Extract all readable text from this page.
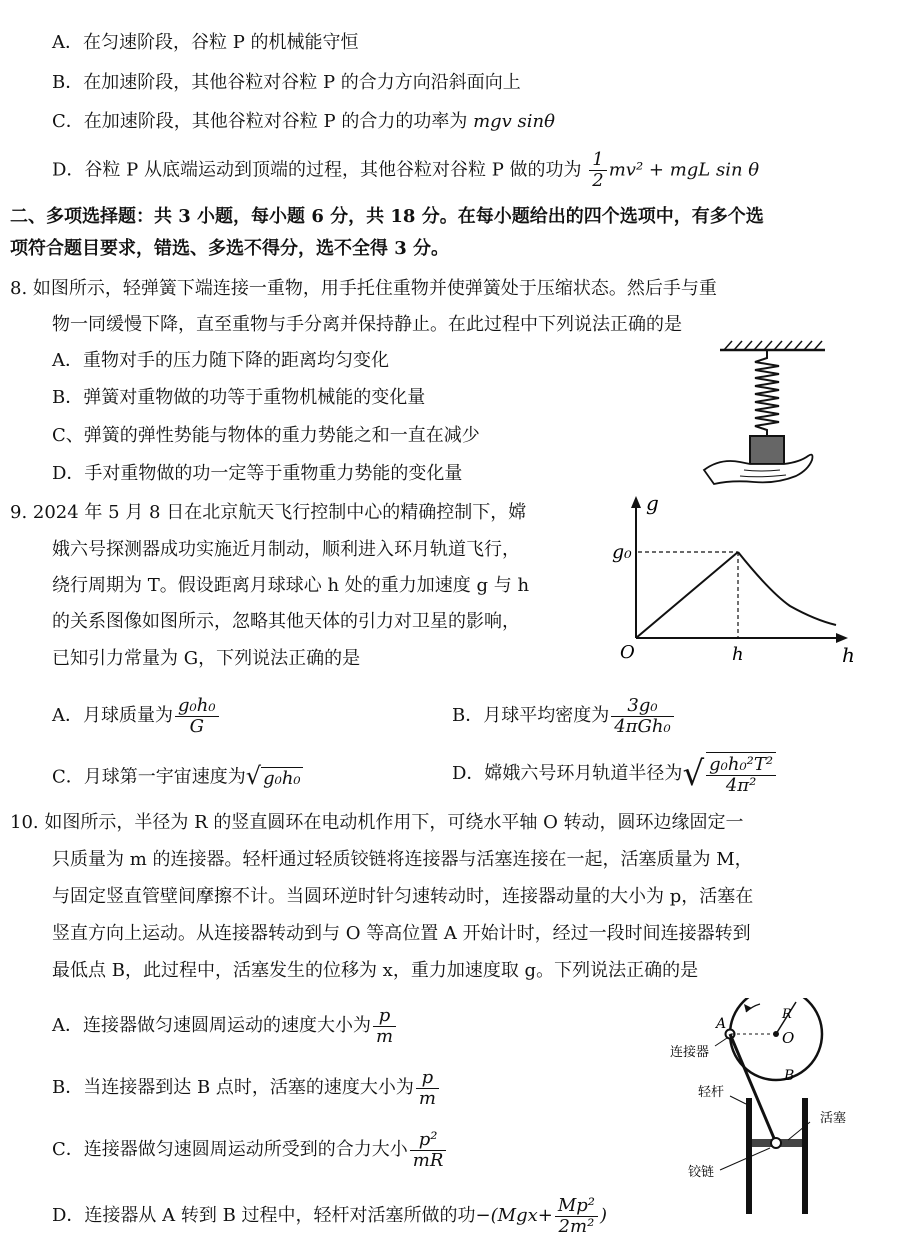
A．在匀速阶段，谷粒 P 的机械能守恒
B．在加速阶段，其他谷粒对谷粒 P 的合力方向沿斜面向上
C．在加速阶段，其他谷粒对谷粒 P 的合力的功率为 mgv sinθ
D．谷粒 P 从底端运动到顶端的过程，其他谷粒对谷粒 P 做的功为 $\frac{1}{2} mv^2$ + mgL sin θ
二、多项选择题：共 3 小题，每小题 6 分，共 18 分。在每小题给出的四个选项中，有多个选
项符合题目要求，错选、多选不得分，选不全得 3 分。
8. 如图所示，轻弹簧下端连接一重物，用手托住重物并使弹簧处于压缩状态。然后手与重
物一同缓慢下降，直至重物与手分离并保持静止。在此过程中下列说法正确的是
A．重物对手的压力随下降的距离均匀变化
B．弹簧对重物做的功等于重物机械能的变化量
C、弹簧的弹性势能与物体的重力势能之和一直在减少
D．手对重物做的功一定等于重物重力势能的变化量
9. 2024 年 5 月 8 日在北京航天飞行控制中心的精确控制下，嫦
娥六号探测器成功实施近月制动，顺利进入环月轨道飞行，
绕行周期为 T。假设距离月球球心 h 处的重力加速度 g 与 h
的关系图像如图所示，忽略其他天体的引力对卫星的影响，
已知引力常量为 G，下列说法正确的是
g
h
g₀
h
O
A．月球质量为 $\frac{\text{g₀h₀}}{G}$	B．月球平均密度为 $\frac{\text{3g₀}}{\text{4πGh₀}}$
C．月球第一宇宙速度为√ g₀h₀	D．嫦娥六号环月轨道半径为√ $\frac{\text{g₀h₀²T²}}{\text{4π²}}$
10. 如图所示，半径为 R 的竖直圆环在电动机作用下，可绕水平轴 O 转动，圆环边缘固定一
只质量为 m 的连接器。轻杆通过轻质铰链将连接器与活塞连接在一起，活塞质量为 M，
与固定竖直管壁间摩擦不计。当圆环逆时针匀速转动时，连接器动量的大小为 p，活塞在
竖直方向上运动。从连接器转动到与 O 等高位置 A 开始计时，经过一段时间连接器转到
最低点 B，此过程中，活塞发生的位移为 x，重力加速度取 g。下列说法正确的是
A．连接器做匀速圆周运动的速度大小为 $\frac{p}{m}$
B．当连接器到达 B 点时，活塞的速度大小为 $\frac{p}{m}$
C．连接器做匀速圆周运动所受到的合力大小 $\frac{\text{p²}}{mR}$
D．连接器从 A 转到 B 过程中，轻杆对活塞所做的功$-(Mgx+ \frac{\text{Mp²}}{\text{2m²}}$ )
A
R
O
B
连接器
轻杆
活塞
铰链
